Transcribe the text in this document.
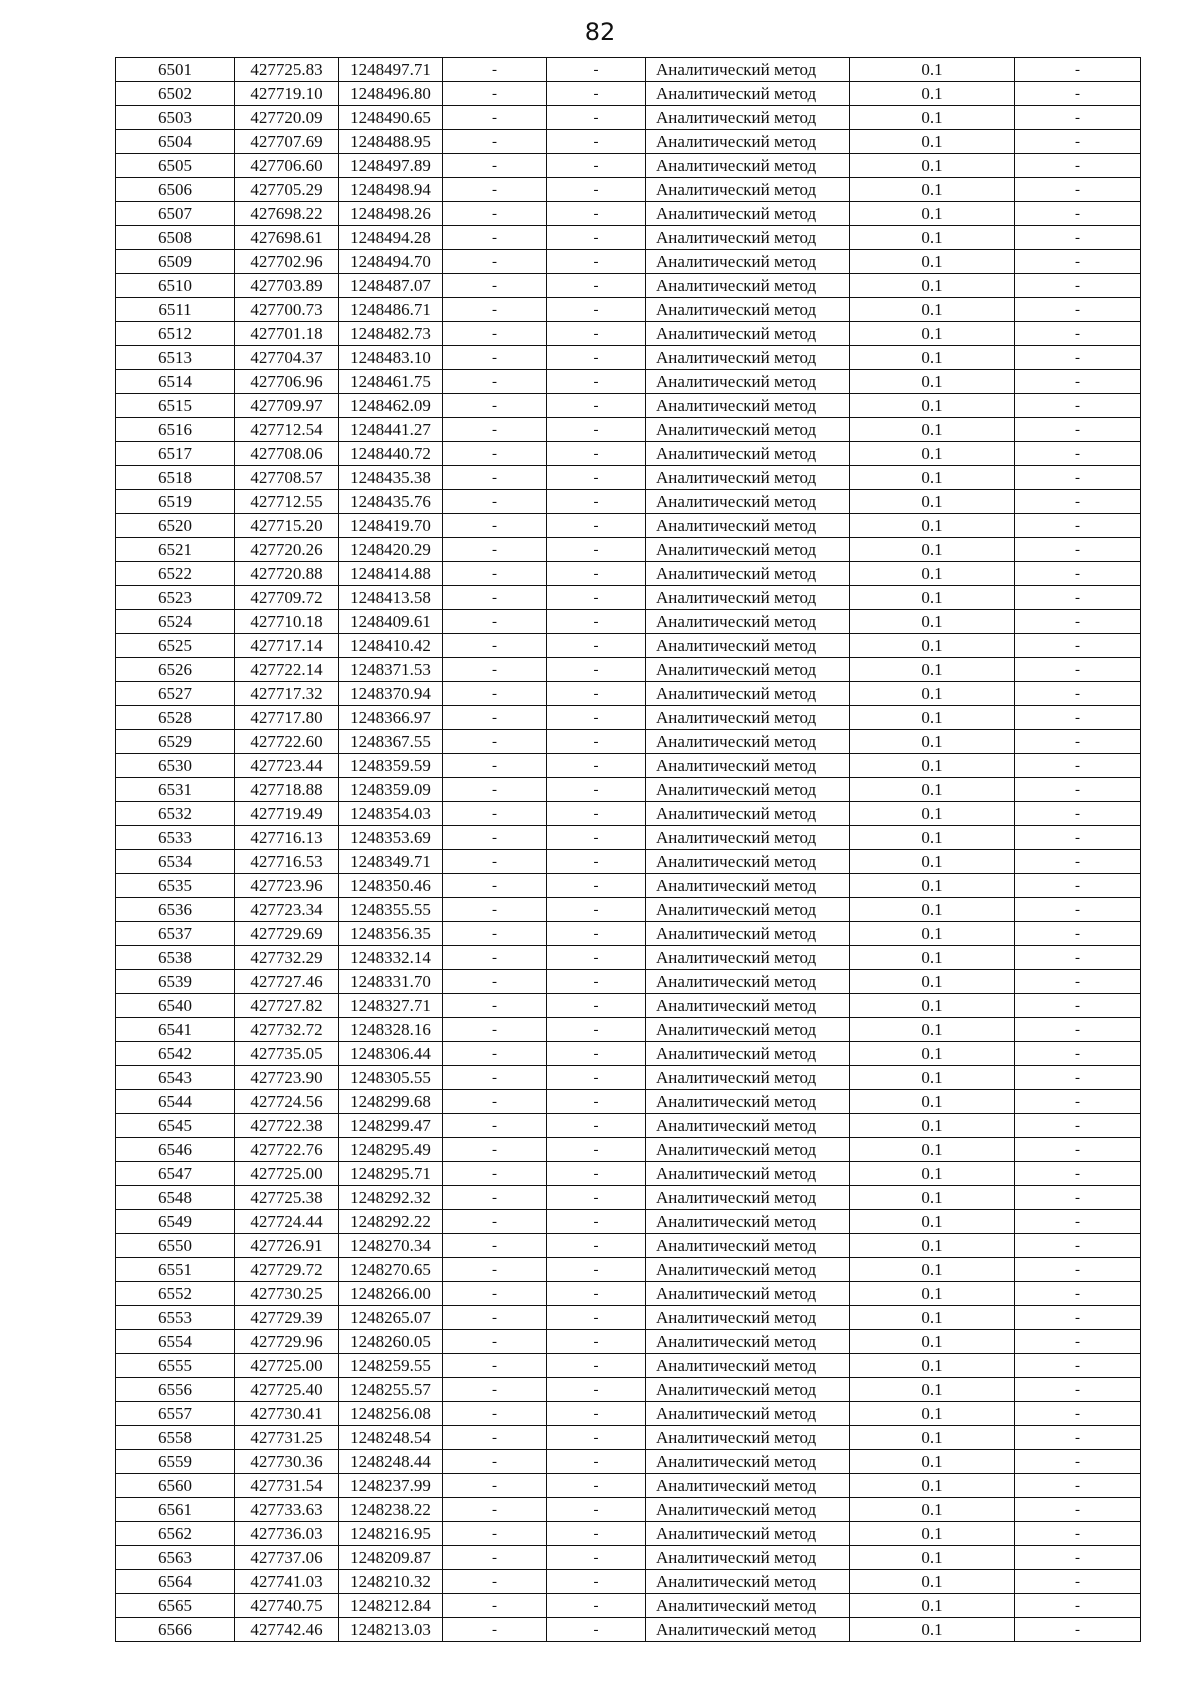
82
6501	427725.83	1248497.71	-	-	Аналитический метод	0.1	-
6502	427719.10	1248496.80	-	-	Аналитический метод	0.1	-
6503	427720.09	1248490.65	-	-	Аналитический метод	0.1	-
6504	427707.69	1248488.95	-	-	Аналитический метод	0.1	-
6505	427706.60	1248497.89	-	-	Аналитический метод	0.1	-
6506	427705.29	1248498.94	-	-	Аналитический метод	0.1	-
6507	427698.22	1248498.26	-	-	Аналитический метод	0.1	-
6508	427698.61	1248494.28	-	-	Аналитический метод	0.1	-
6509	427702.96	1248494.70	-	-	Аналитический метод	0.1	-
6510	427703.89	1248487.07	-	-	Аналитический метод	0.1	-
6511	427700.73	1248486.71	-	-	Аналитический метод	0.1	-
6512	427701.18	1248482.73	-	-	Аналитический метод	0.1	-
6513	427704.37	1248483.10	-	-	Аналитический метод	0.1	-
6514	427706.96	1248461.75	-	-	Аналитический метод	0.1	-
6515	427709.97	1248462.09	-	-	Аналитический метод	0.1	-
6516	427712.54	1248441.27	-	-	Аналитический метод	0.1	-
6517	427708.06	1248440.72	-	-	Аналитический метод	0.1	-
6518	427708.57	1248435.38	-	-	Аналитический метод	0.1	-
6519	427712.55	1248435.76	-	-	Аналитический метод	0.1	-
6520	427715.20	1248419.70	-	-	Аналитический метод	0.1	-
6521	427720.26	1248420.29	-	-	Аналитический метод	0.1	-
6522	427720.88	1248414.88	-	-	Аналитический метод	0.1	-
6523	427709.72	1248413.58	-	-	Аналитический метод	0.1	-
6524	427710.18	1248409.61	-	-	Аналитический метод	0.1	-
6525	427717.14	1248410.42	-	-	Аналитический метод	0.1	-
6526	427722.14	1248371.53	-	-	Аналитический метод	0.1	-
6527	427717.32	1248370.94	-	-	Аналитический метод	0.1	-
6528	427717.80	1248366.97	-	-	Аналитический метод	0.1	-
6529	427722.60	1248367.55	-	-	Аналитический метод	0.1	-
6530	427723.44	1248359.59	-	-	Аналитический метод	0.1	-
6531	427718.88	1248359.09	-	-	Аналитический метод	0.1	-
6532	427719.49	1248354.03	-	-	Аналитический метод	0.1	-
6533	427716.13	1248353.69	-	-	Аналитический метод	0.1	-
6534	427716.53	1248349.71	-	-	Аналитический метод	0.1	-
6535	427723.96	1248350.46	-	-	Аналитический метод	0.1	-
6536	427723.34	1248355.55	-	-	Аналитический метод	0.1	-
6537	427729.69	1248356.35	-	-	Аналитический метод	0.1	-
6538	427732.29	1248332.14	-	-	Аналитический метод	0.1	-
6539	427727.46	1248331.70	-	-	Аналитический метод	0.1	-
6540	427727.82	1248327.71	-	-	Аналитический метод	0.1	-
6541	427732.72	1248328.16	-	-	Аналитический метод	0.1	-
6542	427735.05	1248306.44	-	-	Аналитический метод	0.1	-
6543	427723.90	1248305.55	-	-	Аналитический метод	0.1	-
6544	427724.56	1248299.68	-	-	Аналитический метод	0.1	-
6545	427722.38	1248299.47	-	-	Аналитический метод	0.1	-
6546	427722.76	1248295.49	-	-	Аналитический метод	0.1	-
6547	427725.00	1248295.71	-	-	Аналитический метод	0.1	-
6548	427725.38	1248292.32	-	-	Аналитический метод	0.1	-
6549	427724.44	1248292.22	-	-	Аналитический метод	0.1	-
6550	427726.91	1248270.34	-	-	Аналитический метод	0.1	-
6551	427729.72	1248270.65	-	-	Аналитический метод	0.1	-
6552	427730.25	1248266.00	-	-	Аналитический метод	0.1	-
6553	427729.39	1248265.07	-	-	Аналитический метод	0.1	-
6554	427729.96	1248260.05	-	-	Аналитический метод	0.1	-
6555	427725.00	1248259.55	-	-	Аналитический метод	0.1	-
6556	427725.40	1248255.57	-	-	Аналитический метод	0.1	-
6557	427730.41	1248256.08	-	-	Аналитический метод	0.1	-
6558	427731.25	1248248.54	-	-	Аналитический метод	0.1	-
6559	427730.36	1248248.44	-	-	Аналитический метод	0.1	-
6560	427731.54	1248237.99	-	-	Аналитический метод	0.1	-
6561	427733.63	1248238.22	-	-	Аналитический метод	0.1	-
6562	427736.03	1248216.95	-	-	Аналитический метод	0.1	-
6563	427737.06	1248209.87	-	-	Аналитический метод	0.1	-
6564	427741.03	1248210.32	-	-	Аналитический метод	0.1	-
6565	427740.75	1248212.84	-	-	Аналитический метод	0.1	-
6566	427742.46	1248213.03	-	-	Аналитический метод	0.1	-
